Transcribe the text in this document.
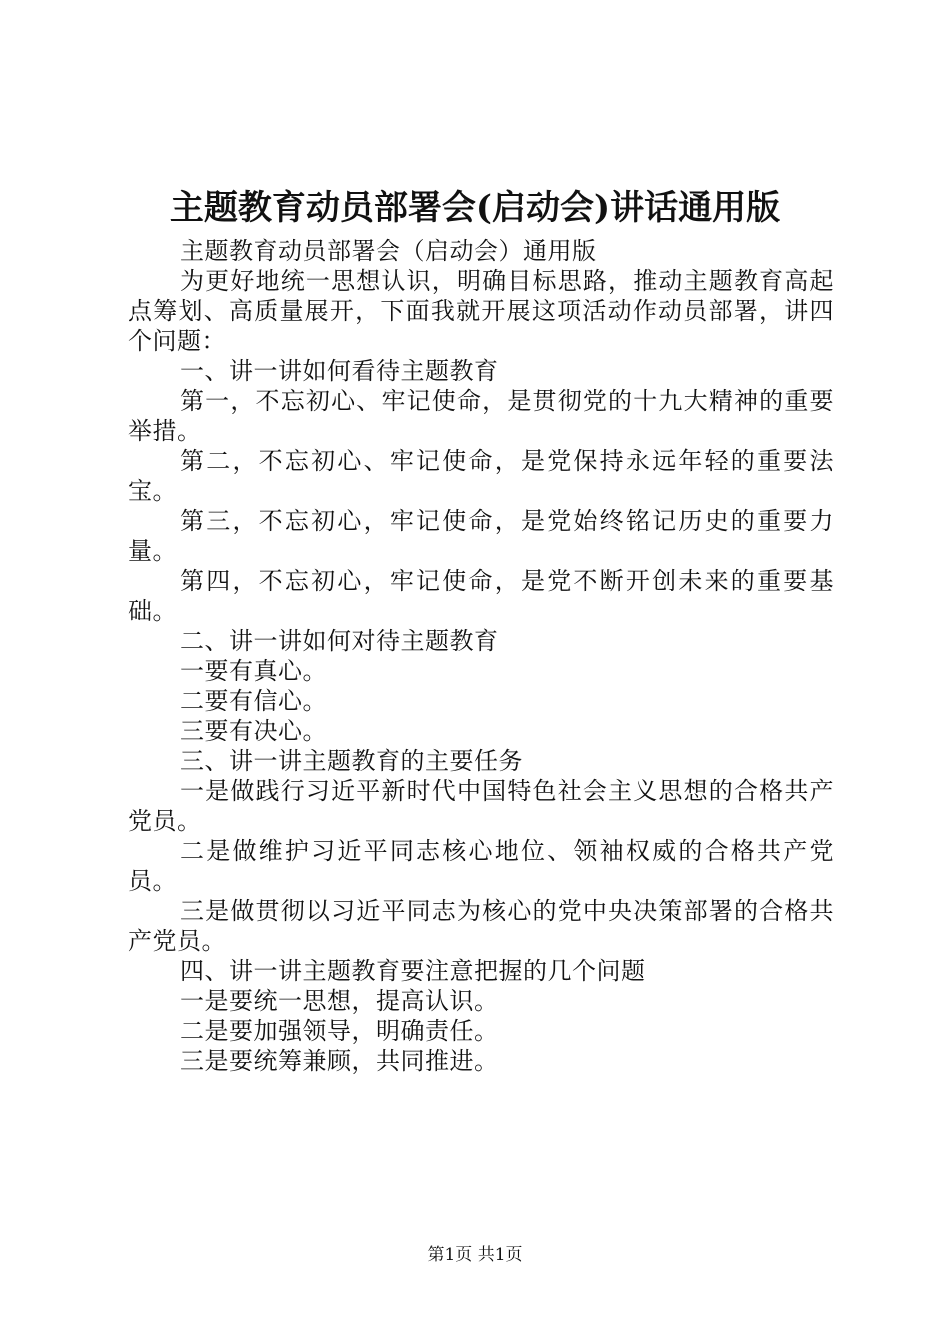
主题教育动员部署会(启动会)讲话通用版

主题教育动员部署会（启动会）通用版

为更好地统一思想认识，明确目标思路，推动主题教育高起点筹划、高质量展开，下面我就开展这项活动作动员部署，讲四个问题：

一、讲一讲如何看待主题教育

第一，不忘初心、牢记使命，是贯彻党的十九大精神的重要举措。

第二，不忘初心、牢记使命，是党保持永远年轻的重要法宝。

第三，不忘初心，牢记使命，是党始终铭记历史的重要力量。

第四，不忘初心，牢记使命，是党不断开创未来的重要基础。

二、讲一讲如何对待主题教育

一要有真心。

二要有信心。

三要有决心。

三、讲一讲主题教育的主要任务

一是做践行习近平新时代中国特色社会主义思想的合格共产党员。

二是做维护习近平同志核心地位、领袖权威的合格共产党员。

三是做贯彻以习近平同志为核心的党中央决策部署的合格共产党员。

四、讲一讲主题教育要注意把握的几个问题

一是要统一思想，提高认识。

二是要加强领导，明确责任。

三是要统筹兼顾，共同推进。

第1页 共1页
